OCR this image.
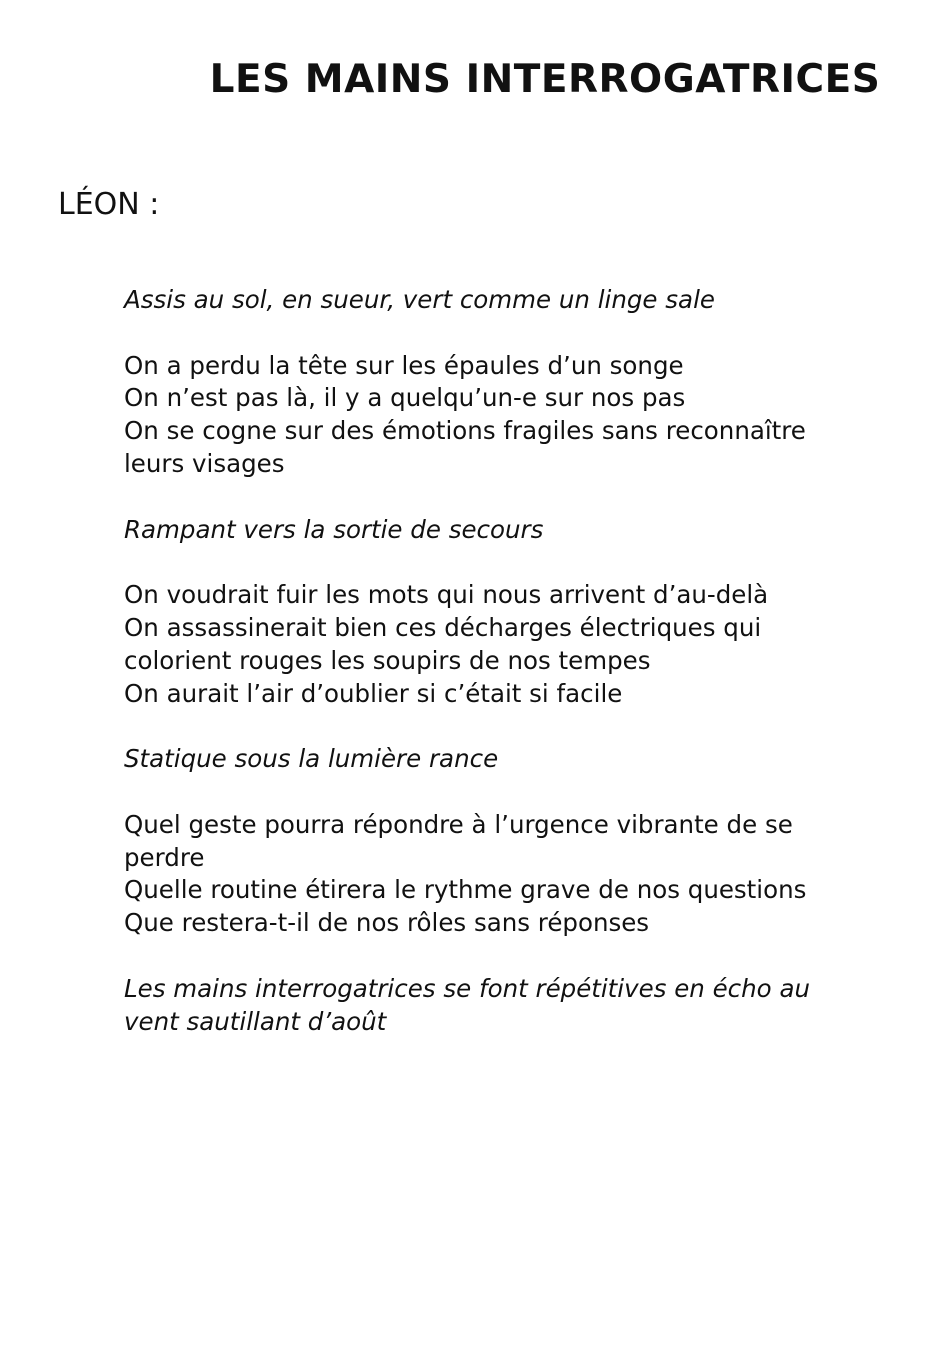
LES MAINS INTERROGATRICES

LÉON :

Assis au sol, en sueur, vert comme un linge sale

On a perdu la tête sur les épaules d’un songe
On n’est pas là, il y a quelqu’un-e sur nos pas
On se cogne sur des émotions fragiles sans reconnaître leurs visages

Rampant vers la sortie de secours

On voudrait fuir les mots qui nous arrivent d’au-delà
On assassinerait bien ces décharges électriques qui colorient rouges les soupirs de nos tempes
On aurait l’air d’oublier si c’était si facile

Statique sous la lumière rance

Quel geste pourra répondre à l’urgence vibrante de se perdre
Quelle routine étirera le rythme grave de nos questions
Que restera-t-il de nos rôles sans réponses

Les mains interrogatrices se font répétitives en écho au vent sautillant d’août
